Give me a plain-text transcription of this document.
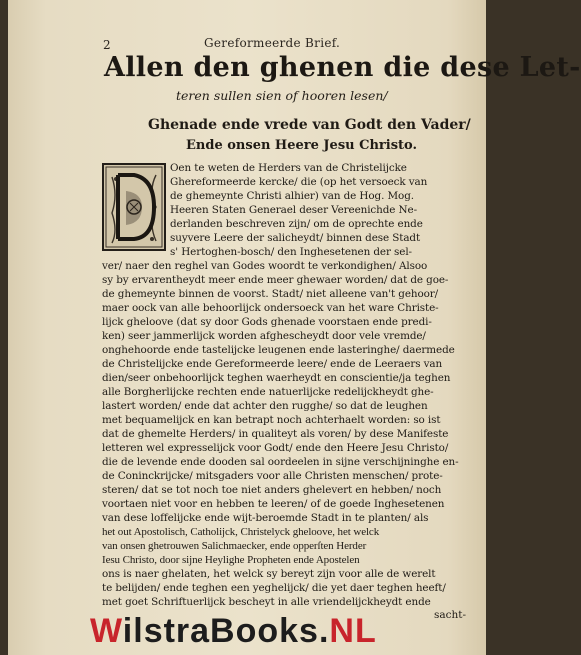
2	Gereformeerde Brief.
Allen den ghenen die dese Let-
teren sullen sien of hooren lesen/
Ghenade ende vrede van Godt den Vader/
Ende onsen Heere Jesu Christo.
Oen te weten de Herders van de Christelijcke
Ghereformeerde kercke/ die (op het versoeck van
de ghemeynte Christi alhier) van de Hog. Mog.
Heeren Staten Generael deser Vereenichde Ne-
derlanden beschreven zijn/ om de oprechte ende
suyvere Leere der salicheydt/ binnen dese Stadt
s' Hertoghen-bosch/ den Inghesetenen der sel-
ver/ naer den reghel van Godes woordt te verkondighen/ Alsoo
sy by ervarentheydt meer ende meer ghewaer worden/ dat de goe-
de ghemeynte binnen de voorst. Stadt/ niet alleene van't gehoor/
maer oock van alle behoorlijck ondersoeck van het ware Christe-
lijck gheloove (dat sy door Gods ghenade voorstaen ende predi-
ken) seer jammerlijck worden afghescheydt door vele vremde/
onghehoorde ende tastelijcke leugenen ende lasteringhe/ daermede
de Christelijcke ende Gereformeerde leere/ ende de Leeraers van
dien/seer onbehoorlijck teghen waerheydt en conscientie/ja teghen
alle Borgherlijcke rechten ende natuerlijcke redelijckheydt ghe-
lastert worden/ ende dat achter den rugghe/ so dat de leughen
met bequamelijck en kan betrapt noch achterhaelt worden: so ist
dat de ghemelte Herders/ in qualiteyt als voren/ by dese Manifeste
letteren wel expresselijck voor Godt/ ende den Heere Jesu Christo/
die de levende ende dooden sal oordeelen in sijne verschijninghe en-
de Coninckrijcke/ mitsgaders voor alle Christen menschen/ prote-
steren/ dat se tot noch toe niet anders ghelevert en hebben/ noch
voortaen niet voor en hebben te leeren/ of de goede Inghesetenen
van dese loffelijcke ende wijt-beroemde Stadt in te planten/ als
het out Apostolisch, Catholijck, Christelyck gheloove, het welck
van onsen ghetrouwen Salichmaecker, ende opperſten Herder
Iesu Christo, door sijne Heylighe Propheten ende Apostelen
ons is naer ghelaten, het welck sy bereyt zijn voor alle de werelt
te belijden/ ende teghen een yeghelijck/ die yet daer teghen heeft/
met goet Schriftuerlijck bescheyt in alle vriendelijckheydt ende
sacht-
WilstraBooks.NL
